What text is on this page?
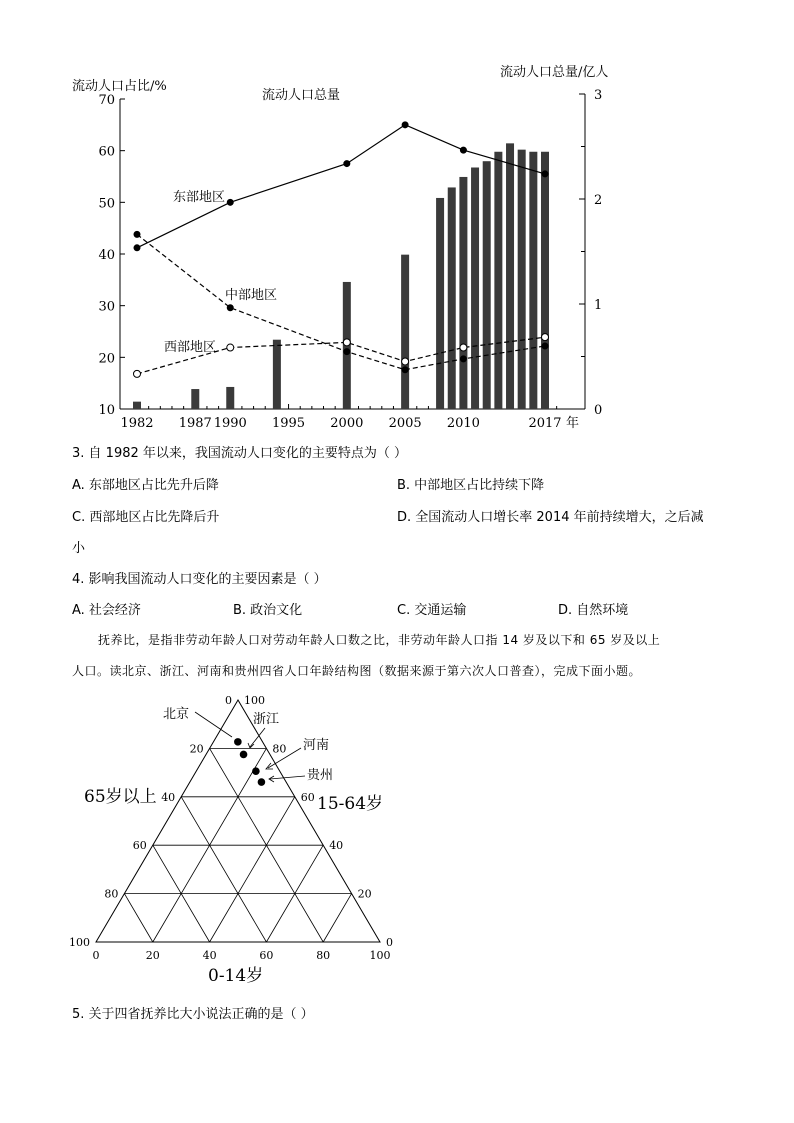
70
60
50
40
30
20
10
3
2
1
0
1982 1987 1990 1995 2000 2005 2010	2017
流动人口占比/%
流动人口总量/亿人
流动人口总量
年
东部地区
中部地区
西部地区
3. 自 1982 年以来，我国流动人口变化的主要特点为（ ）
A. 东部地区占比先升后降	B. 中部地区占比持续下降
C. 西部地区占比先降后升	D. 全国流动人口增长率 2014 年前持续增大，之后减
小
4. 影响我国流动人口变化的主要因素是（ ）
A. 社会经济	B. 政治文化	C. 交通运输	D. 自然环境
抚养比，是指非劳动年龄人口对劳动年龄人口数之比，非劳动年龄人口指 14 岁及以下和 65 岁及以上
人口。读北京、浙江、河南和贵州四省人口年龄结构图（数据来源于第六次人口普查），完成下面小题。
0
20
40
60
80
100
100
80
60
40
20
0
0	20	40	60	80	100
65岁以上	15-64岁
0-14岁
北京	浙江
河南
贵州
5. 关于四省抚养比大小说法正确的是（ ）
